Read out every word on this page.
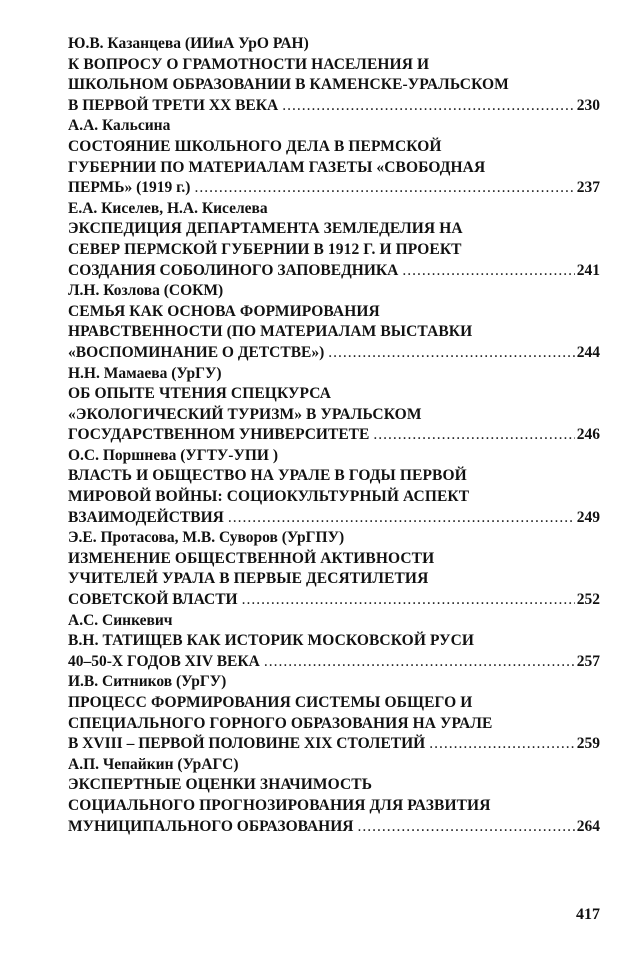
Ю.В. Казанцева (ИИиА УрО РАН)
К ВОПРОСУ О ГРАМОТНОСТИ НАСЕЛЕНИЯ И
ШКОЛЬНОМ ОБРАЗОВАНИИ В КАМЕНСКЕ-УРАЛЬСКОМ
В ПЕРВОЙ ТРЕТИ XX ВЕКА .....	230
А.А. Кальсина
СОСТОЯНИЕ ШКОЛЬНОГО ДЕЛА В ПЕРМСКОЙ
ГУБЕРНИИ ПО МАТЕРИАЛАМ ГАЗЕТЫ «СВОБОДНАЯ
ПЕРМЬ» (1919 г.) .....	237
Е.А. Киселев, Н.А. Киселева
ЭКСПЕДИЦИЯ ДЕПАРТАМЕНТА ЗЕМЛЕДЕЛИЯ НА
СЕВЕР ПЕРМСКОЙ ГУБЕРНИИ В 1912 Г. И ПРОЕКТ
СОЗДАНИЯ СОБОЛИНОГО ЗАПОВЕДНИКА .....	241
Л.Н. Козлова (СОКМ)
СЕМЬЯ КАК ОСНОВА ФОРМИРОВАНИЯ
НРАВСТВЕННОСТИ (ПО МАТЕРИАЛАМ ВЫСТАВКИ
«ВОСПОМИНАНИЕ О ДЕТСТВЕ») .....	244
Н.Н. Мамаева (УрГУ)
ОБ ОПЫТЕ ЧТЕНИЯ СПЕЦКУРСА
«ЭКОЛОГИЧЕСКИЙ ТУРИЗМ» В УРАЛЬСКОМ
ГОСУДАРСТВЕННОМ УНИВЕРСИТЕТЕ .....	246
О.С. Поршнева (УГТУ-УПИ )
ВЛАСТЬ И ОБЩЕСТВО НА УРАЛЕ В ГОДЫ ПЕРВОЙ
МИРОВОЙ ВОЙНЫ: СОЦИОКУЛЬТУРНЫЙ АСПЕКТ
ВЗАИМОДЕЙСТВИЯ .....	249
Э.Е. Протасова, М.В. Суворов (УрГПУ)
ИЗМЕНЕНИЕ ОБЩЕСТВЕННОЙ АКТИВНОСТИ
УЧИТЕЛЕЙ УРАЛА В ПЕРВЫЕ ДЕСЯТИЛЕТИЯ
СОВЕТСКОЙ ВЛАСТИ .....	252
А.С. Синкевич
В.Н. ТАТИЩЕВ КАК ИСТОРИК МОСКОВСКОЙ РУСИ
40–50-Х ГОДОВ XIV ВЕКА .....	257
И.В. Ситников (УрГУ)
ПРОЦЕСС ФОРМИРОВАНИЯ СИСТЕМЫ ОБЩЕГО И
СПЕЦИАЛЬНОГО ГОРНОГО ОБРАЗОВАНИЯ НА УРАЛЕ
В XVIII – ПЕРВОЙ ПОЛОВИНЕ XIX СТОЛЕТИЙ .....	259
А.П. Чепайкин (УрАГС)
ЭКСПЕРТНЫЕ ОЦЕНКИ ЗНАЧИМОСТЬ
СОЦИАЛЬНОГО ПРОГНОЗИРОВАНИЯ ДЛЯ РАЗВИТИЯ
МУНИЦИПАЛЬНОГО ОБРАЗОВАНИЯ .....	264
417
